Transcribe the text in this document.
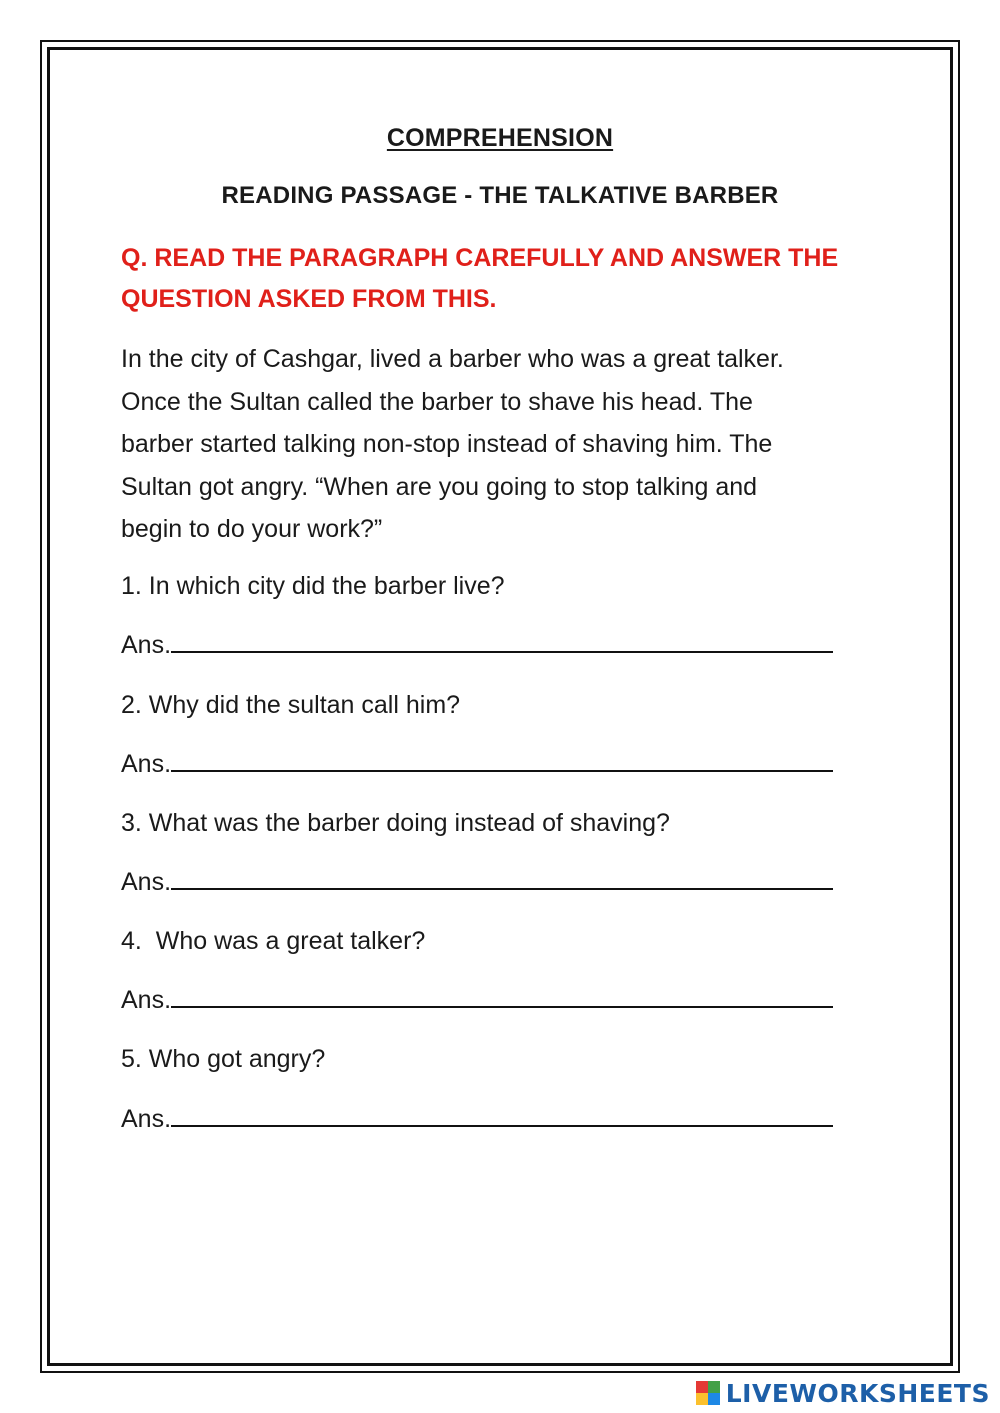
COMPREHENSION
READING PASSAGE - THE TALKATIVE BARBER
Q. READ THE PARAGRAPH CAREFULLY AND ANSWER THE
QUESTION ASKED FROM THIS.
In the city of Cashgar, lived a barber who was a great talker.
Once the Sultan called the barber to shave his head. The
barber started talking non-stop instead of shaving him. The
Sultan got angry. “When are you going to stop talking and
begin to do your work?”
1. In which city did the barber live?
Ans.
2. Why did the sultan call him?
Ans.
3. What was the barber doing instead of shaving?
Ans.
4.  Who was a great talker?
Ans.
5. Who got angry?
Ans.
LIVEWORKSHEETS
